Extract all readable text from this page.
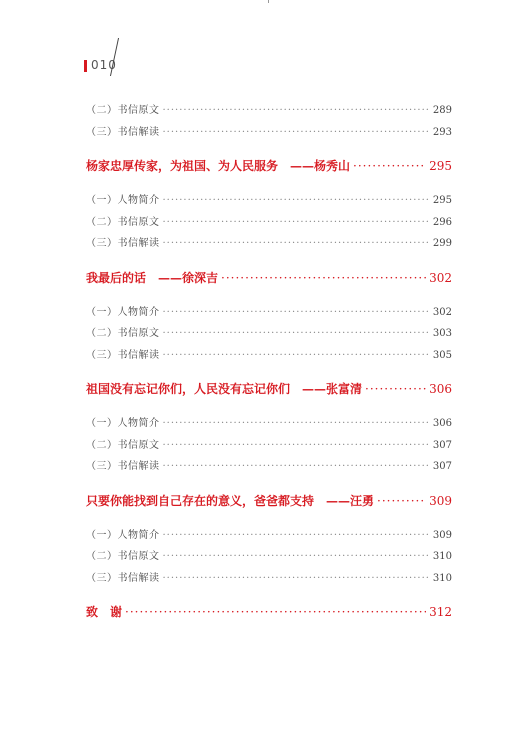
010
（二）书信原文 ·····	289
（三）书信解读 ·····	293
杨家忠厚传家，为祖国、为人民服务　——杨秀山 ·····	295
（一）人物简介 ·····	295
（二）书信原文 ·····	296
（三）书信解读 ·····	299
我最后的话　——徐深吉 ·····	302
（一）人物简介 ·····	302
（二）书信原文 ·····	303
（三）书信解读 ·····	305
祖国没有忘记你们，人民没有忘记你们　——张富清 ·····	306
（一）人物简介 ·····	306
（二）书信原文 ·····	307
（三）书信解读 ·····	307
只要你能找到自己存在的意义，爸爸都支持　——汪勇 ·····	309
（一）人物简介 ·····	309
（二）书信原文 ·····	310
（三）书信解读 ·····	310
致　谢 ·····	312
